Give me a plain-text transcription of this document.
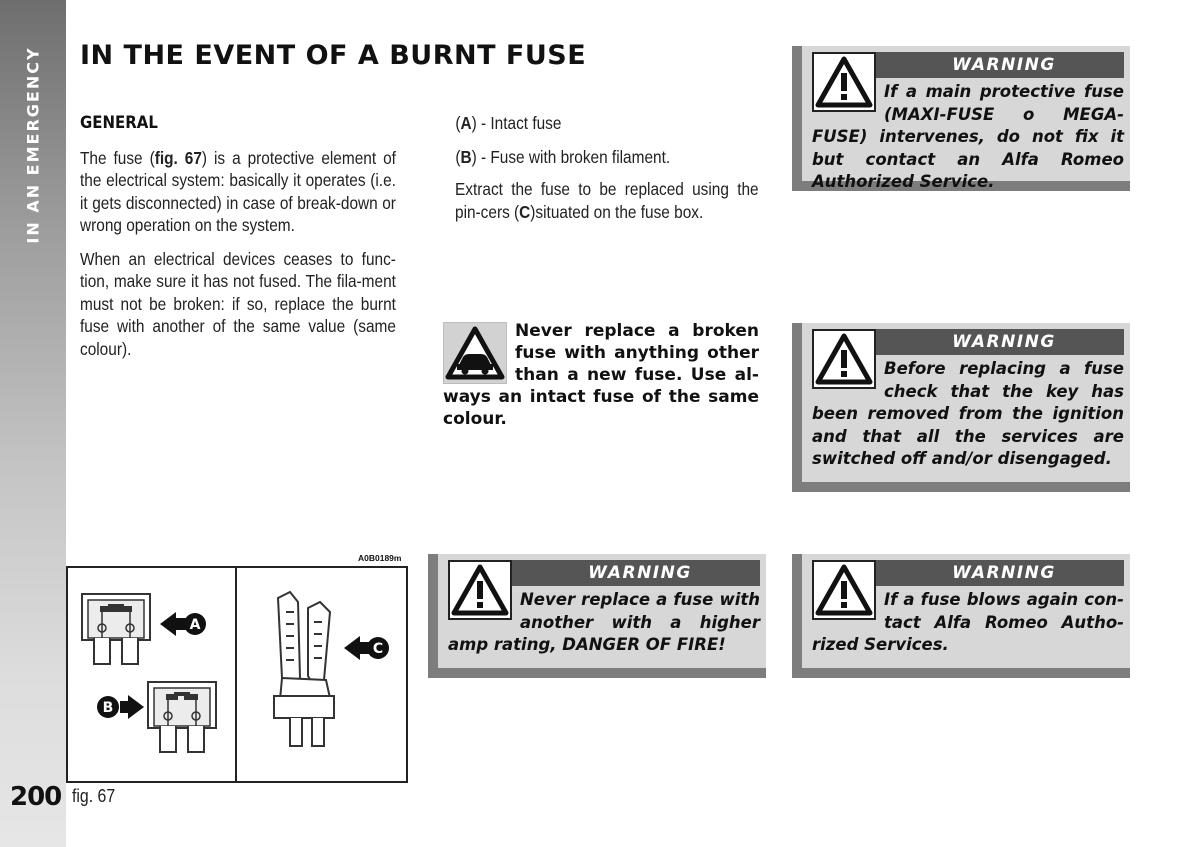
IN AN EMERGENCY
200
IN THE EVENT OF A BURNT FUSE
GENERAL

The fuse (fig. 67) is a protective element of the electrical system: basically it operates (i.e. it gets disconnected) in case of break-down or wrong operation on the system.

When an electrical devices ceases to func-tion, make sure it has not fused. The fila-ment must not be broken: if so, replace the burnt fuse with another of the same value (same colour).

(A) - Intact fuse

(B) - Fuse with broken filament.

Extract the fuse to be replaced using the pin-cers (C)situated on the fuse box.

Never replace a broken fuse with anything other than a new fuse. Use al-ways an intact fuse of the same colour.
WARNING
If a main protective fuse (MAXI-FUSE o MEGA-FUSE) intervenes, do not fix it but contact an Alfa Romeo Authorized Service.
WARNING
Before replacing a fuse check that the key has been removed from the ignition and that all the services are switched off and/or disengaged.
WARNING
Never replace a fuse with another with a higher amp rating, DANGER OF FIRE!
WARNING
If a fuse blows again con-tact Alfa Romeo Autho-rized Services.
A0B0189m
A
B
C
fig. 67
